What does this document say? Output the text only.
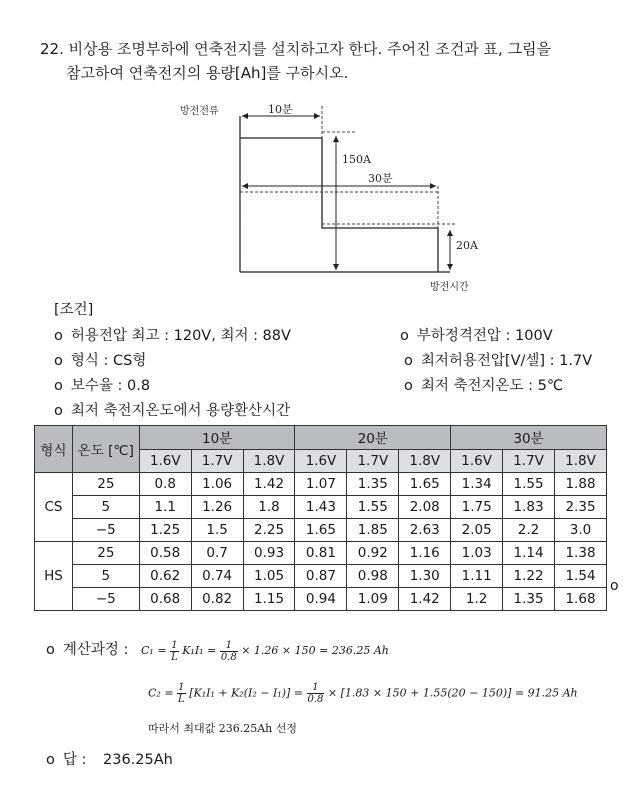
22. 비상용 조명부하에 연축전지를 설치하고자 한다. 주어진 조건과 표, 그림을
참고하여 연축전지의 용량[Ah]를 구하시오.
방전전류
방전시간
10분
30분
150A
20A
[조건]
o 허용전압 최고 : 120V, 최저 : 88V
o 형식 : CS형
o 보수율 : 0.8
o 최저 축전지온도에서 용량환산시간
o 부하정격전압 : 100V
o 최저허용전압[V/셀] : 1.7V
o 최저 축전지온도 : 5℃
형식	온도 [℃]	10분			20분			30분		
		1.6V	1.7V	1.8V	1.6V	1.7V	1.8V	1.6V	1.7V	1.8V
CS	25	0.8	1.06	1.42	1.07	1.35	1.65	1.34	1.55	1.88
	5	1.1	1.26	1.8	1.43	1.55	2.08	1.75	1.83	2.35
	−5	1.25	1.5	2.25	1.65	1.85	2.63	2.05	2.2	3.0
HS	25	0.58	0.7	0.93	0.81	0.92	1.16	1.03	1.14	1.38
	5	0.62	0.74	1.05	0.87	0.98	1.30	1.11	1.22	1.54
	−5	0.68	0.82	1.15	0.94	1.09	1.42	1.2	1.35	1.68
o
o 계산과정 : $C_1 = \frac{1}{L} K_1I_1 = \frac{1}{0.8} \times 1.26 \times 150 = 236.25$ Ah
$C_2 = \frac{1}{L} [K_1I_1 + K_2(I_2 - I_1)] = \frac{1}{0.8} \times [1.83 \times 150 + 1.55(20 - 150)] = 91.25$ Ah
따라서 최대값 236.25Ah 선정
o 답 : 236.25Ah
